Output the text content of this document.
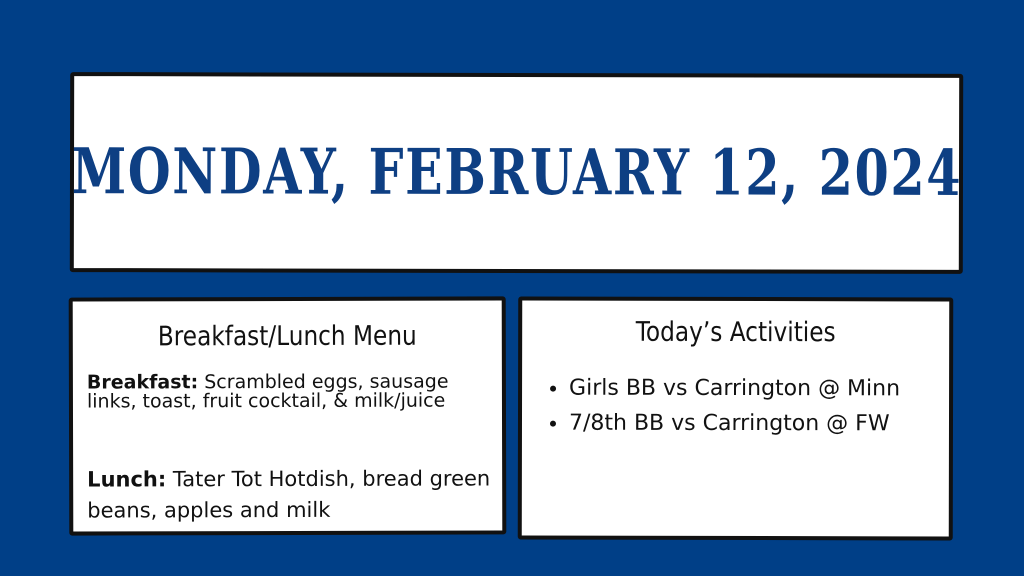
MONDAY, FEBRUARY 12, 2024
Breakfast/Lunch Menu
Breakfast: Scrambled eggs, sausage links, toast, fruit cocktail, & milk/juice
Lunch: Tater Tot Hotdish, bread green beans, apples and milk
Today’s Activities
• Girls BB vs Carrington @ Minn
• 7/8th BB vs Carrington @ FW
